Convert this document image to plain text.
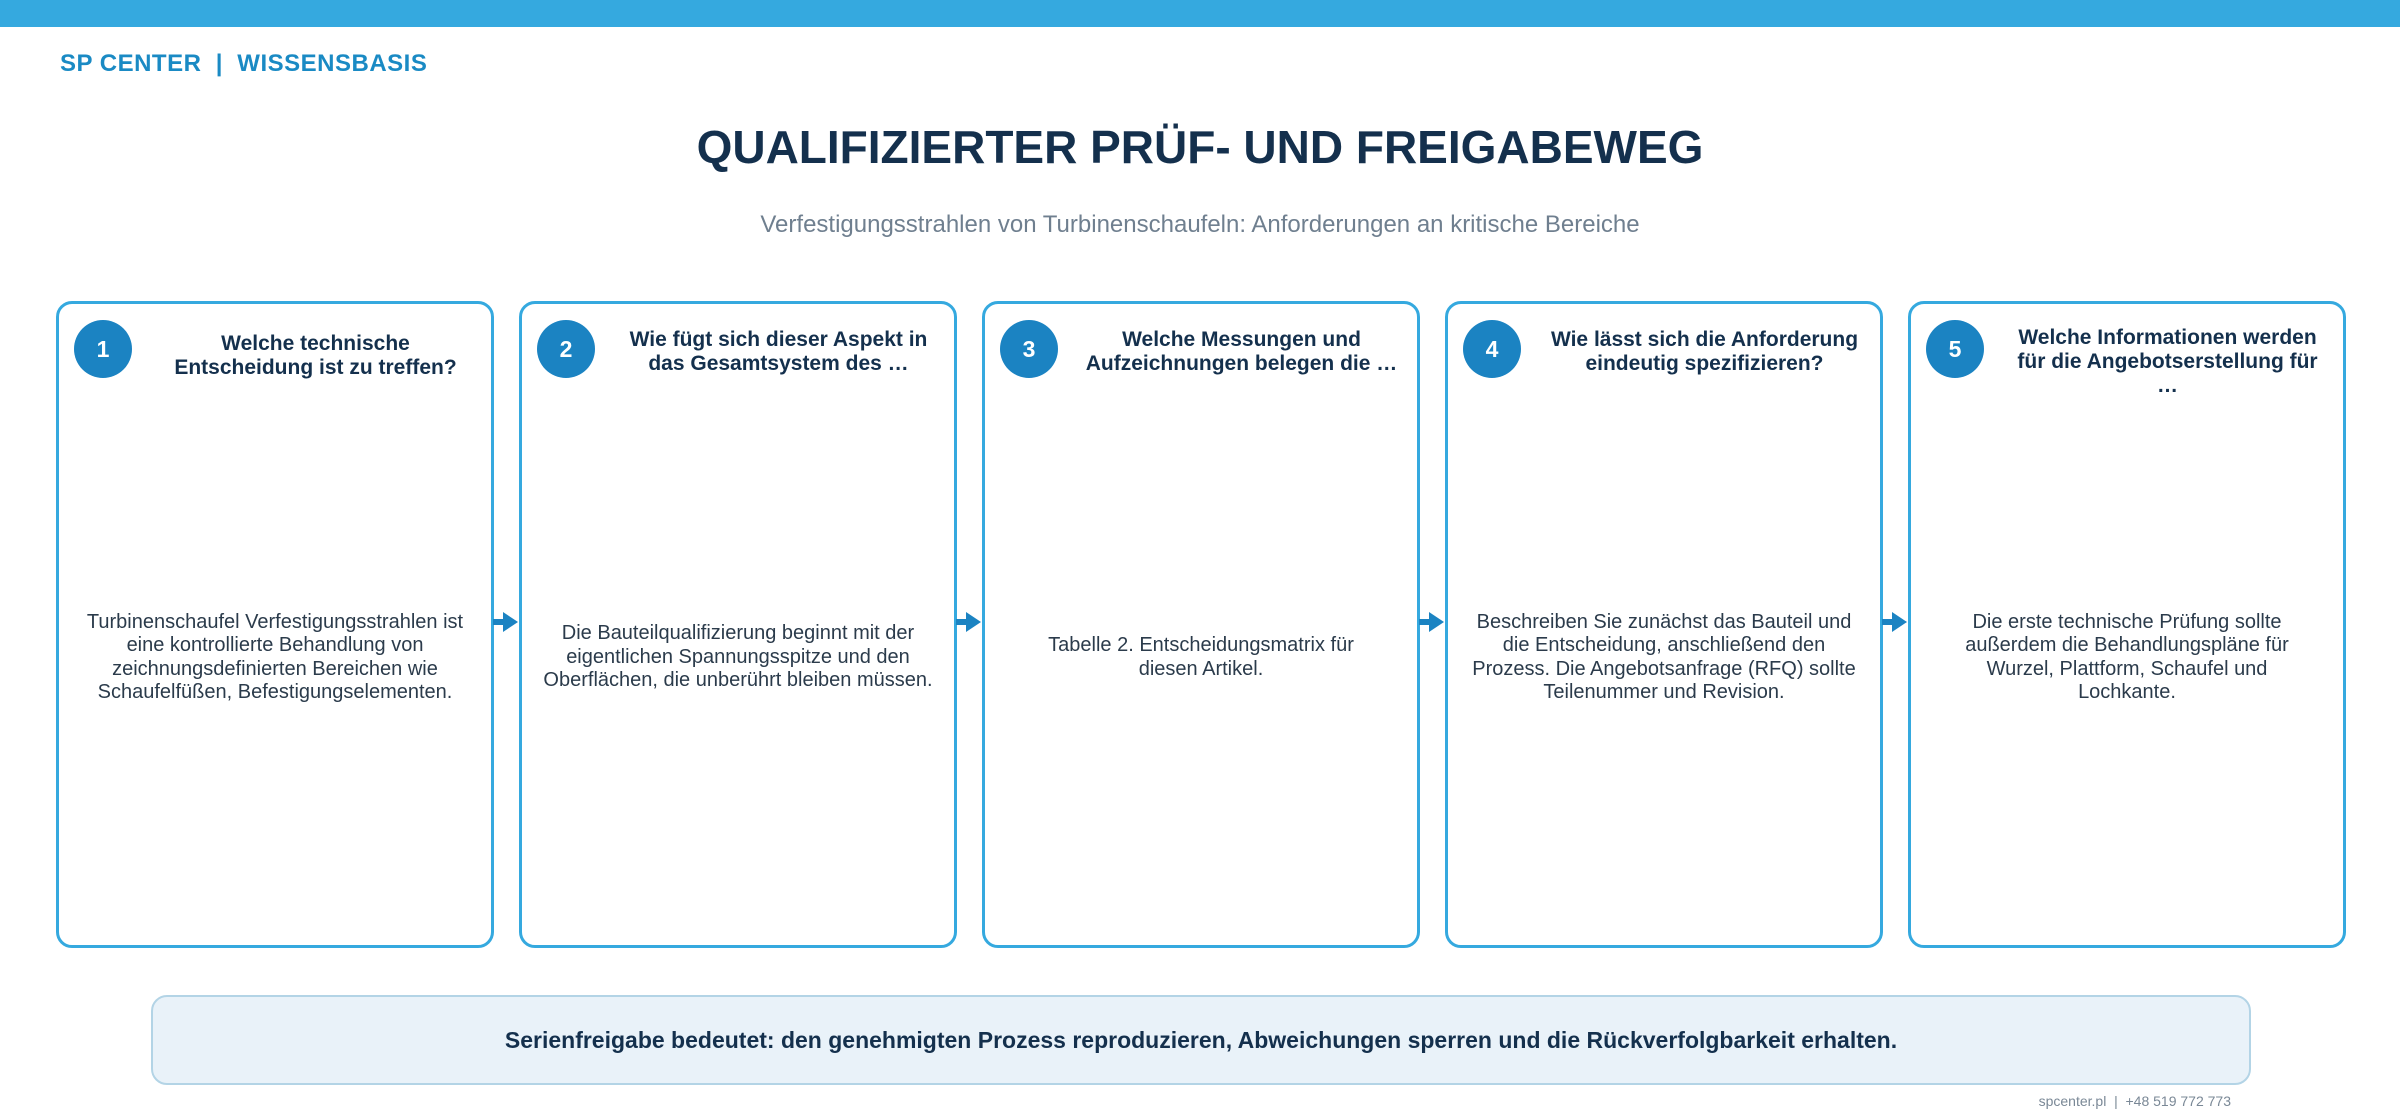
SP CENTER  |  WISSENSBASIS
QUALIFIZIERTER PRÜF- UND FREIGABEWEG
Verfestigungsstrahlen von Turbinenschaufeln: Anforderungen an kritische Bereiche
1	Welche technische Entscheidung ist zu treffen?
Turbinenschaufel Verfestigungsstrahlen ist eine kontrollierte Behandlung von zeichnungsdefinierten Bereichen wie Schaufelfüßen, Befestigungselementen.
2	Wie fügt sich dieser Aspekt in das Gesamtsystem des …
Die Bauteilqualifizierung beginnt mit der eigentlichen Spannungsspitze und den Oberflächen, die unberührt bleiben müssen.
3	Welche Messungen und Aufzeichnungen belegen die …
Tabelle 2. Entscheidungsmatrix für diesen Artikel.
4	Wie lässt sich die Anforderung eindeutig spezifizieren?
Beschreiben Sie zunächst das Bauteil und die Entscheidung, anschließend den Prozess. Die Angebotsanfrage (RFQ) sollte Teilenummer und Revision.
5	Welche Informationen werden für die Angebotserstellung für …
Die erste technische Prüfung sollte außerdem die Behandlungspläne für Wurzel, Plattform, Schaufel und Lochkante.
Serienfreigabe bedeutet: den genehmigten Prozess reproduzieren, Abweichungen sperren und die Rückverfolgbarkeit erhalten.
spcenter.pl  |  +48 519 772 773
